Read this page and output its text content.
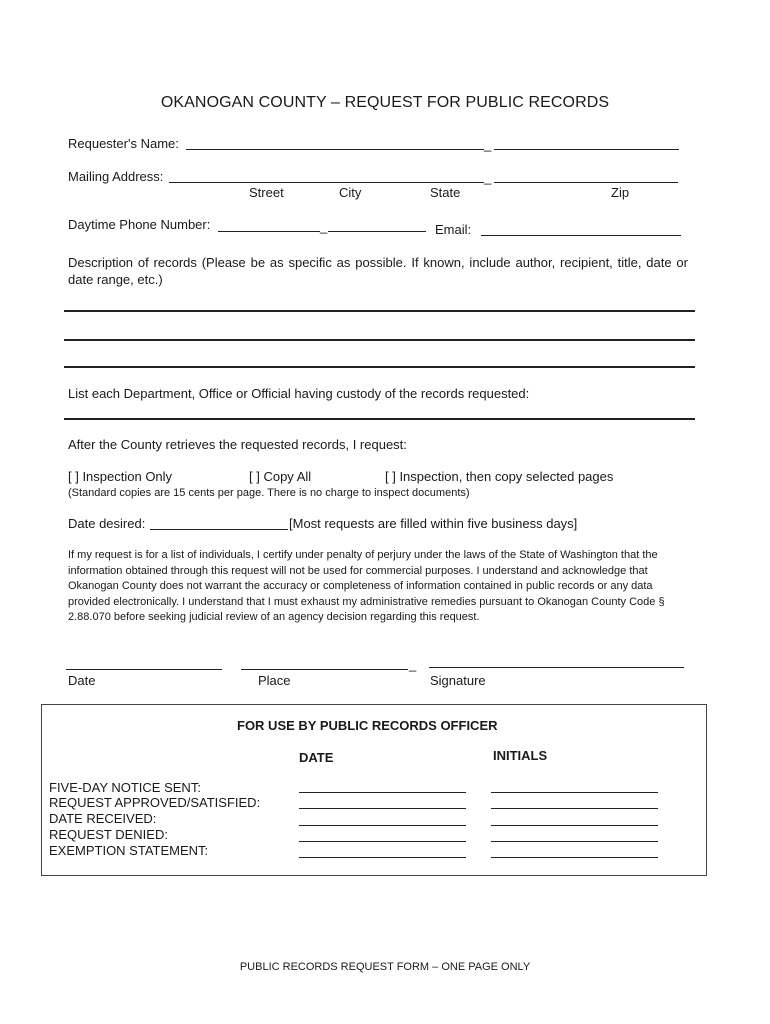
OKANOGAN COUNTY – REQUEST FOR PUBLIC RECORDS
Requester's Name:	_
Mailing Address:	_
Street	City	State	Zip
Daytime Phone Number:	_	Email:
Description of records (Please be as specific as possible. If known, include author, recipient, title, date or date range, etc.)
List each Department, Office or Official having custody of the records requested:
After the County retrieves the requested records, I request:
[ ] Inspection Only	[ ] Copy All	[ ] Inspection, then copy selected pages
(Standard copies are 15 cents per page. There is no charge to inspect documents)
Date desired:	[Most requests are filled within five business days]
If my request is for a list of individuals, I certify under penalty of perjury under the laws of the State of Washington that the information obtained through this request will not be used for commercial purposes. I understand and acknowledge that Okanogan County does not warrant the accuracy or completeness of information contained in public records or any data provided electronically. I understand that I must exhaust my administrative remedies pursuant to Okanogan County Code § 2.88.070 before seeking judicial review of an agency decision regarding this request.
_
Date	Place	Signature
FOR USE BY PUBLIC RECORDS OFFICER
DATE	INITIALS
FIVE-DAY NOTICE SENT:
REQUEST APPROVED/SATISFIED:
DATE RECEIVED:
REQUEST DENIED:
EXEMPTION STATEMENT:
PUBLIC RECORDS REQUEST FORM – ONE PAGE ONLY
